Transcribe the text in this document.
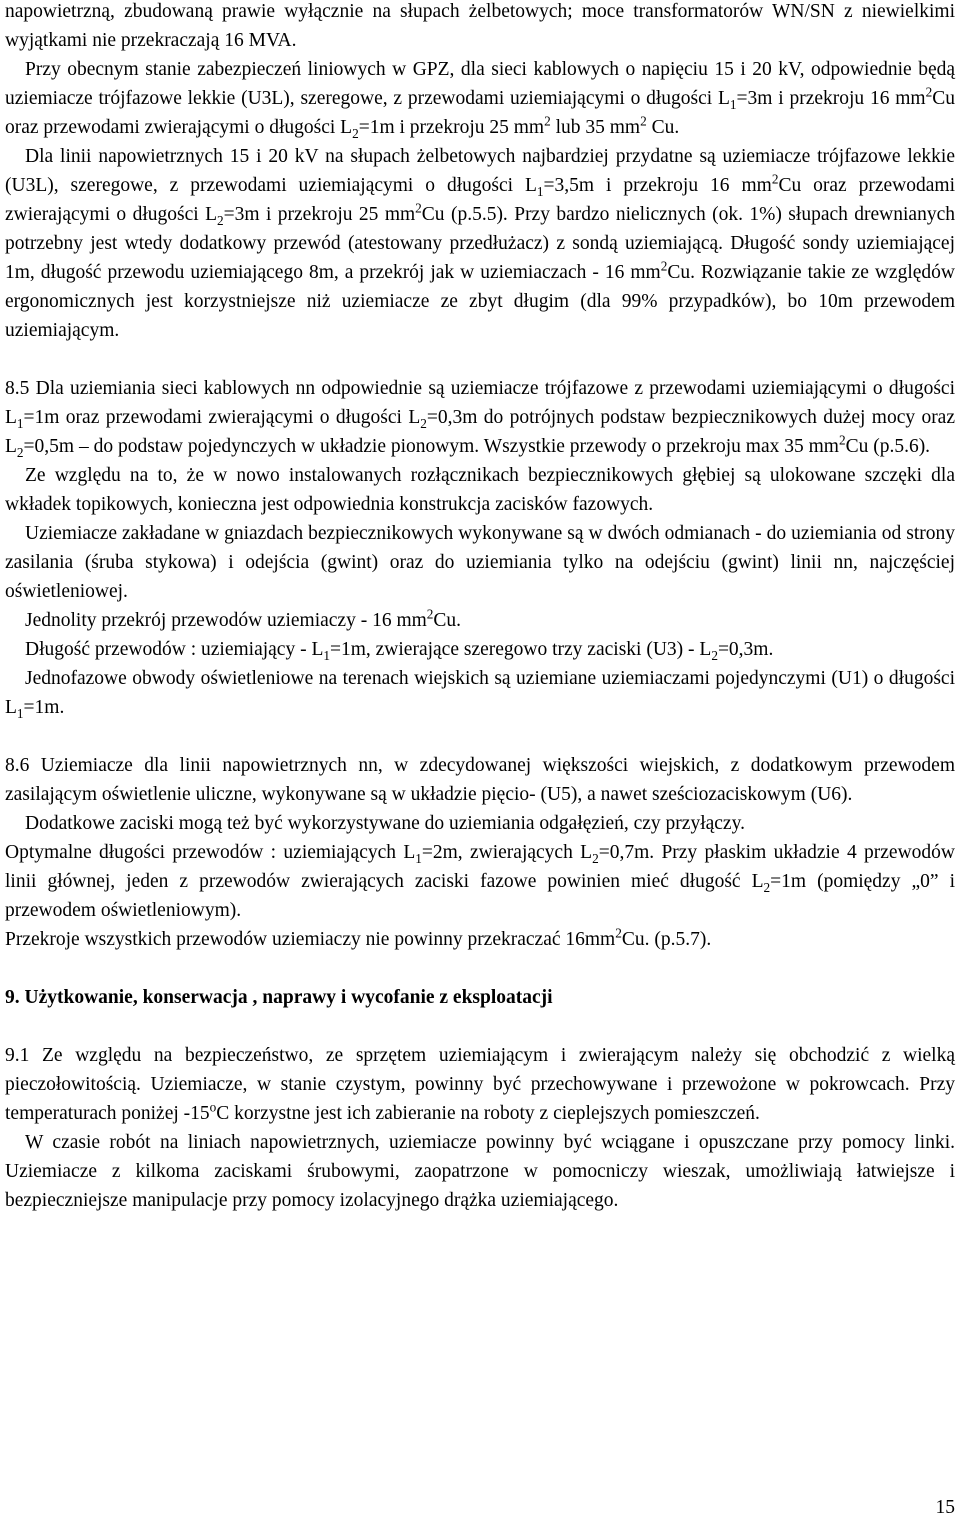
napowietrzną, zbudowaną prawie wyłącznie na słupach żelbetowych; moce transformatorów WN/SN z niewielkimi wyjątkami nie przekraczają 16 MVA.

Przy obecnym stanie zabezpieczeń liniowych w GPZ, dla sieci kablowych o napięciu 15 i 20 kV, odpowiednie będą uziemiacze trójfazowe lekkie (U3L), szeregowe, z przewodami uziemiającymi o długości $L_1=3m$ i przekroju 16 $mm^2Cu$ oraz przewodami zwierającymi o długości $L_2=1m$ i przekroju 25 $mm^2$ lub 35 $mm^2$ Cu.

Dla linii napowietrznych 15 i 20 kV na słupach żelbetowych najbardziej przydatne są uziemiacze trójfazowe lekkie (U3L), szeregowe, z przewodami uziemiającymi o długości $L_1=3,5m$ i przekroju 16 $mm^2Cu$ oraz przewodami zwierającymi o długości $L_2=3m$ i przekroju 25 $mm^2Cu$ (p.5.5). Przy bardzo nielicznych (ok. 1%) słupach drewnianych potrzebny jest wtedy dodatkowy przewód (atestowany przedłużacz) z sondą uziemiającą. Długość sondy uziemiającej 1m, długość przewodu uziemiającego 8m, a przekrój jak w uziemiaczach - 16 $mm^2Cu$. Rozwiązanie takie ze względów ergonomicznych jest korzystniejsze niż uziemiacze ze zbyt długim (dla 99% przypadków), bo 10m przewodem uziemiającym.

8.5 Dla uziemiania sieci kablowych nn odpowiednie są uziemiacze trójfazowe z przewodami uziemiającymi o długości $L_1=1m$ oraz przewodami zwierającymi o długości $L_2=0,3m$ do potrójnych podstaw bezpiecznikowych dużej mocy oraz $L_2=0,5m$ – do podstaw pojedynczych w układzie pionowym. Wszystkie przewody o przekroju max 35 $mm^2Cu$ (p.5.6).

Ze względu na to, że w nowo instalowanych rozłącznikach bezpiecznikowych głębiej są ulokowane szczęki dla wkładek topikowych, konieczna jest odpowiednia konstrukcja zacisków fazowych.

Uziemiacze zakładane w gniazdach bezpiecznikowych wykonywane są w dwóch odmianach - do uziemiania od strony zasilania (śruba stykowa) i odejścia (gwint) oraz do uziemiania tylko na odejściu (gwint) linii nn, najczęściej oświetleniowej.

Jednolity przekrój przewodów uziemiaczy - 16 $mm^2Cu$.

Długość przewodów : uziemiający - $L_1=1m$, zwierające szeregowo trzy zaciski $(U3) - L_2=0,3m$.

Jednofazowe obwody oświetleniowe na terenach wiejskich są uziemiane uziemiaczami pojedynczymi (U1) o długości $L_1=1m$.

8.6 Uziemiacze dla linii napowietrznych nn, w zdecydowanej większości wiejskich, z dodatkowym przewodem zasilającym oświetlenie uliczne, wykonywane są w układzie pięcio- (U5), a nawet sześciozaciskowym (U6).

Dodatkowe zaciski mogą też być wykorzystywane do uziemiania odgałęzień, czy przyłączy.

Optymalne długości przewodów : uziemiających $L_1=2m$, zwierających $L_2=0,7m$. Przy płaskim układzie 4 przewodów linii głównej, jeden z przewodów zwierających zaciski fazowe powinien mieć długość $L_2=1m$ (pomiędzy „0” i przewodem oświetleniowym).

Przekroje wszystkich przewodów uziemiaczy nie powinny przekraczać $16mm^2Cu$. (p.5.7).

9. Użytkowanie, konserwacja , naprawy i wycofanie z eksploatacji

9.1 Ze względu na bezpieczeństwo, ze sprzętem uziemiającym i zwierającym należy się obchodzić z wielką pieczołowitością. Uziemiacze, w stanie czystym, powinny być przechowywane i przewożone w pokrowcach. Przy temperaturach poniżej -15$^o$C korzystne jest ich zabieranie na roboty z cieplejszych pomieszczeń.

W czasie robót na liniach napowietrznych, uziemiacze powinny być wciągane i opuszczane przy pomocy linki. Uziemiacze z kilkoma zaciskami śrubowymi, zaopatrzone w pomocniczy wieszak, umożliwiają łatwiejsze i bezpieczniejsze manipulacje przy pomocy izolacyjnego drążka uziemiającego.

15
